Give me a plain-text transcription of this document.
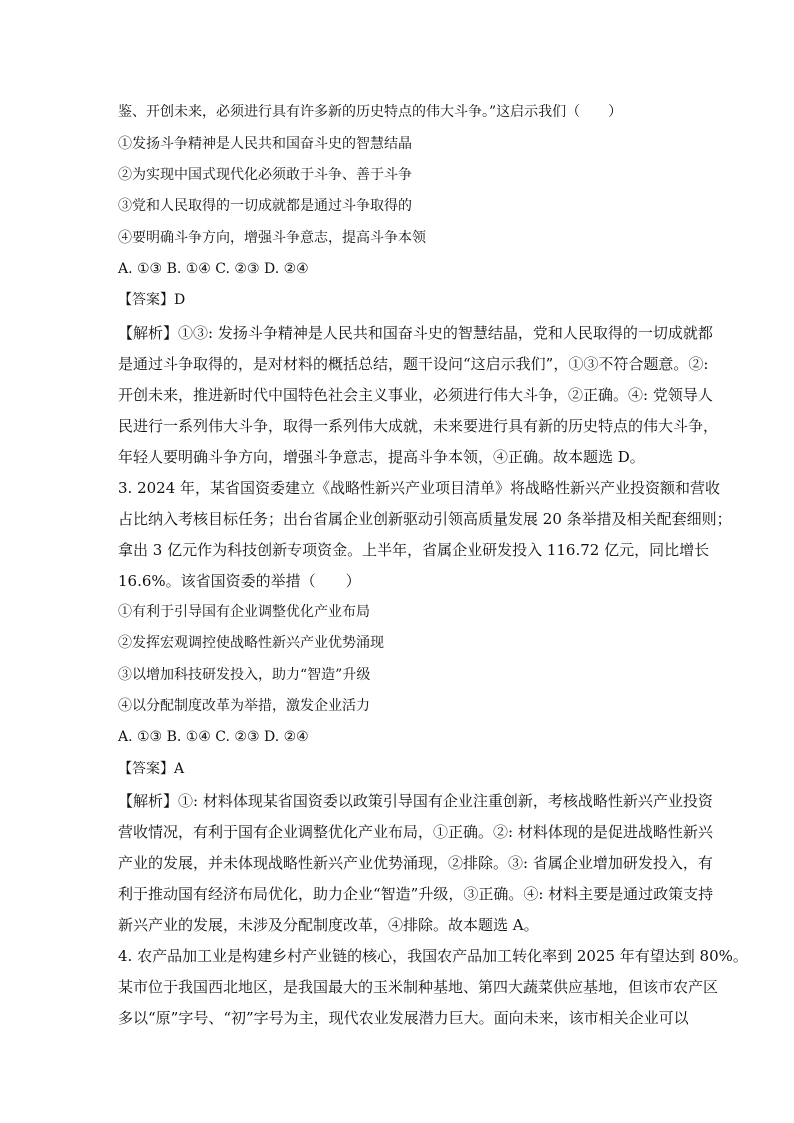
鉴、开创未来，必须进行具有许多新的历史特点的伟大斗争。”这启示我们（　　）
①发扬斗争精神是人民共和国奋斗史的智慧结晶
②为实现中国式现代化必须敢于斗争、善于斗争
③党和人民取得的一切成就都是通过斗争取得的
④要明确斗争方向，增强斗争意志，提高斗争本领
A. ①③ B. ①④ C. ②③ D. ②④
【答案】D
【解析】①③: 发扬斗争精神是人民共和国奋斗史的智慧结晶，党和人民取得的一切成就都
是通过斗争取得的，是对材料的概括总结，题干设问“这启示我们”，①③不符合题意。②:
开创未来，推进新时代中国特色社会主义事业，必须进行伟大斗争，②正确。④: 党领导人
民进行一系列伟大斗争，取得一系列伟大成就，未来要进行具有新的历史特点的伟大斗争，
年轻人要明确斗争方向，增强斗争意志，提高斗争本领，④正确。故本题选 D。
3. 2024 年，某省国资委建立《战略性新兴产业项目清单》将战略性新兴产业投资额和营收
占比纳入考核目标任务；出台省属企业创新驱动引领高质量发展 20 条举措及相关配套细则；
拿出 3 亿元作为科技创新专项资金。上半年，省属企业研发投入 116.72 亿元，同比增长
16.6%。该省国资委的举措（　　）
①有利于引导国有企业调整优化产业布局
②发挥宏观调控使战略性新兴产业优势涌现
③以增加科技研发投入，助力“智造”升级
④以分配制度改革为举措，激发企业活力
A. ①③ B. ①④ C. ②③ D. ②④
【答案】A
【解析】①: 材料体现某省国资委以政策引导国有企业注重创新，考核战略性新兴产业投资
营收情况，有利于国有企业调整优化产业布局，①正确。②: 材料体现的是促进战略性新兴
产业的发展，并未体现战略性新兴产业优势涌现，②排除。③: 省属企业增加研发投入，有
利于推动国有经济布局优化，助力企业“智造”升级，③正确。④: 材料主要是通过政策支持
新兴产业的发展，未涉及分配制度改革，④排除。故本题选 A。
4. 农产品加工业是构建乡村产业链的核心，我国农产品加工转化率到 2025 年有望达到 80%。
某市位于我国西北地区，是我国最大的玉米制种基地、第四大蔬菜供应基地，但该市农产区
多以“原”字号、“初”字号为主，现代农业发展潜力巨大。面向未来，该市相关企业可以
